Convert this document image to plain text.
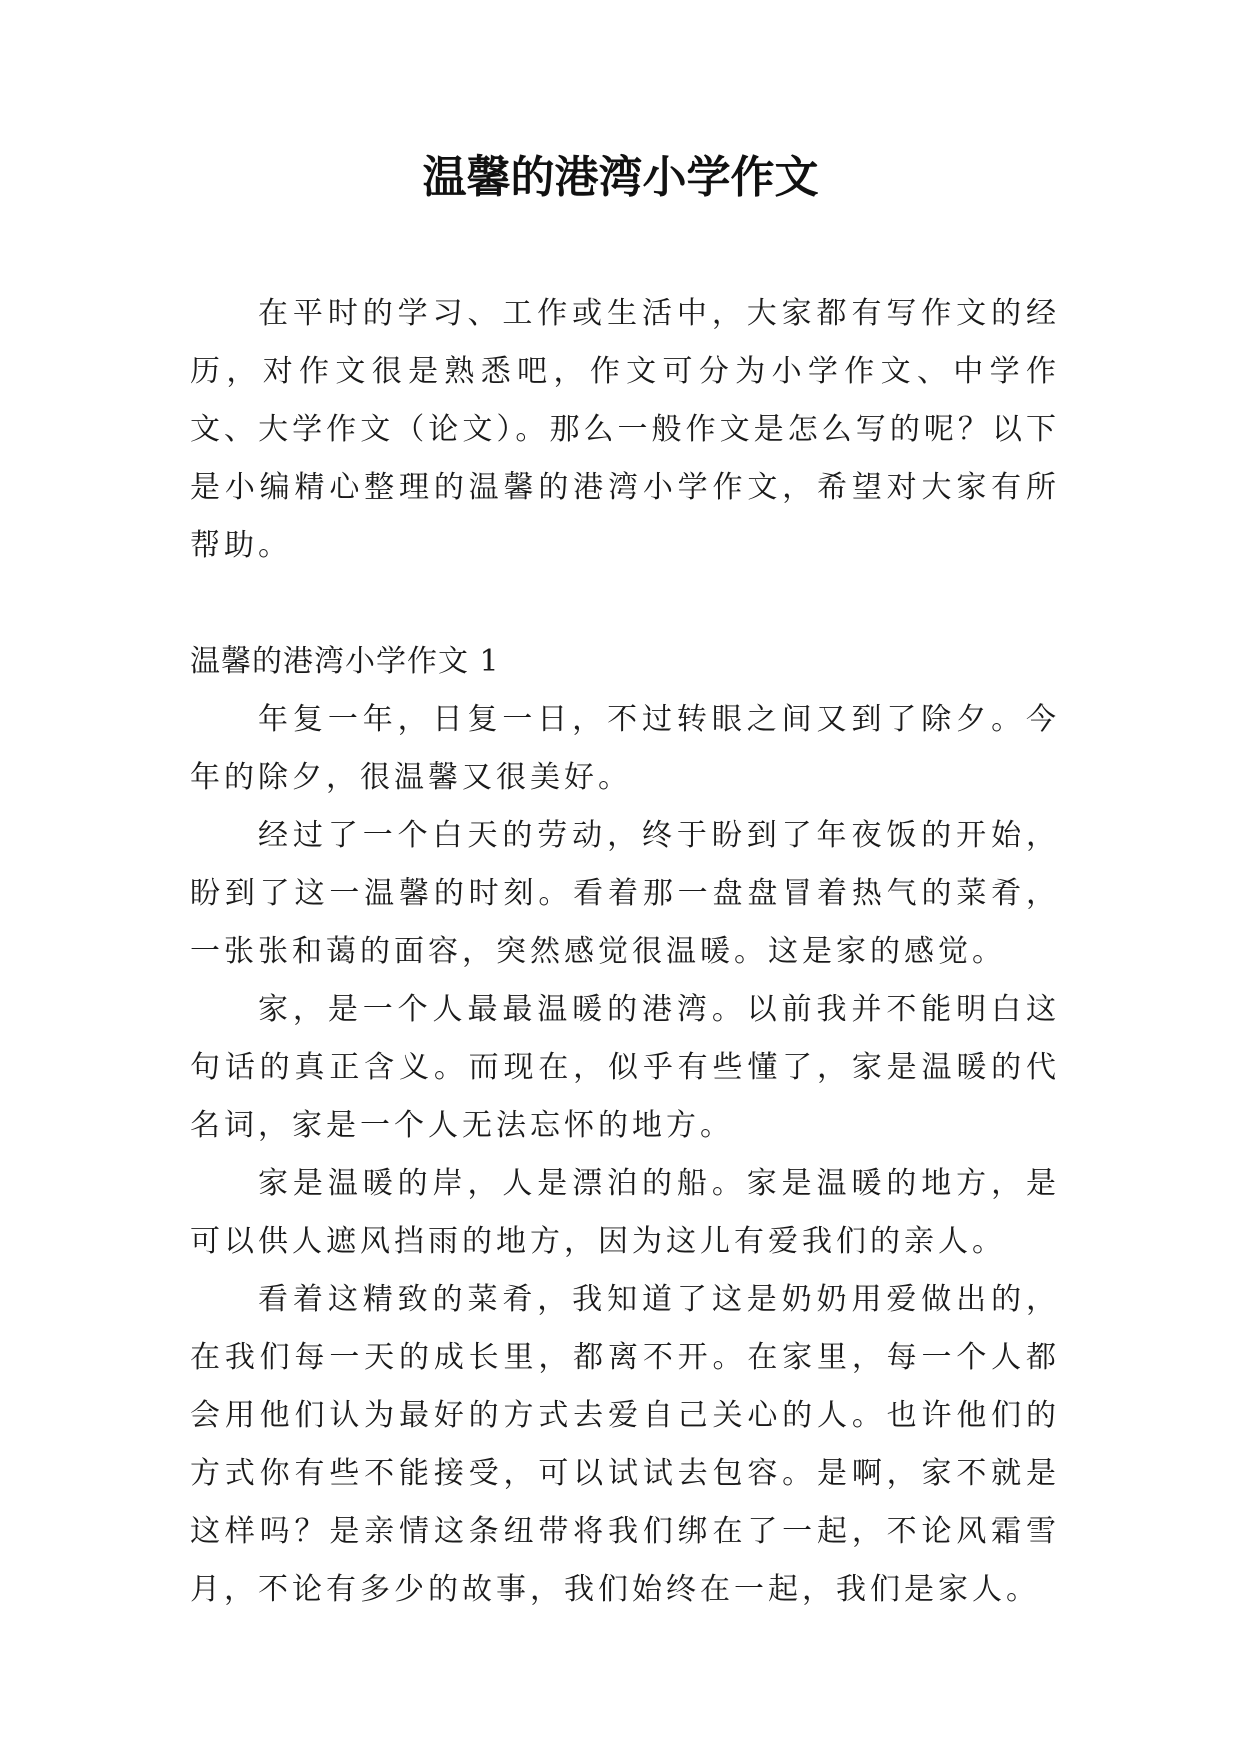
温馨的港湾小学作文

在平时的学习、工作或生活中，大家都有写作文的经历，对作文很是熟悉吧，作文可分为小学作文、中学作文、大学作文（论文）。那么一般作文是怎么写的呢？以下是小编精心整理的温馨的港湾小学作文，希望对大家有所帮助。

温馨的港湾小学作文 1

年复一年，日复一日，不过转眼之间又到了除夕。今年的除夕，很温馨又很美好。

经过了一个白天的劳动，终于盼到了年夜饭的开始，盼到了这一温馨的时刻。看着那一盘盘冒着热气的菜肴，一张张和蔼的面容，突然感觉很温暖。这是家的感觉。

家，是一个人最最温暖的港湾。以前我并不能明白这句话的真正含义。而现在，似乎有些懂了，家是温暖的代名词，家是一个人无法忘怀的地方。

家是温暖的岸，人是漂泊的船。家是温暖的地方，是可以供人遮风挡雨的地方，因为这儿有爱我们的亲人。

看着这精致的菜肴，我知道了这是奶奶用爱做出的，在我们每一天的成长里，都离不开。在家里，每一个人都会用他们认为最好的方式去爱自己关心的人。也许他们的方式你有些不能接受，可以试试去包容。是啊，家不就是这样吗？是亲情这条纽带将我们绑在了一起，不论风霜雪月，不论有多少的故事，我们始终在一起，我们是家人。
